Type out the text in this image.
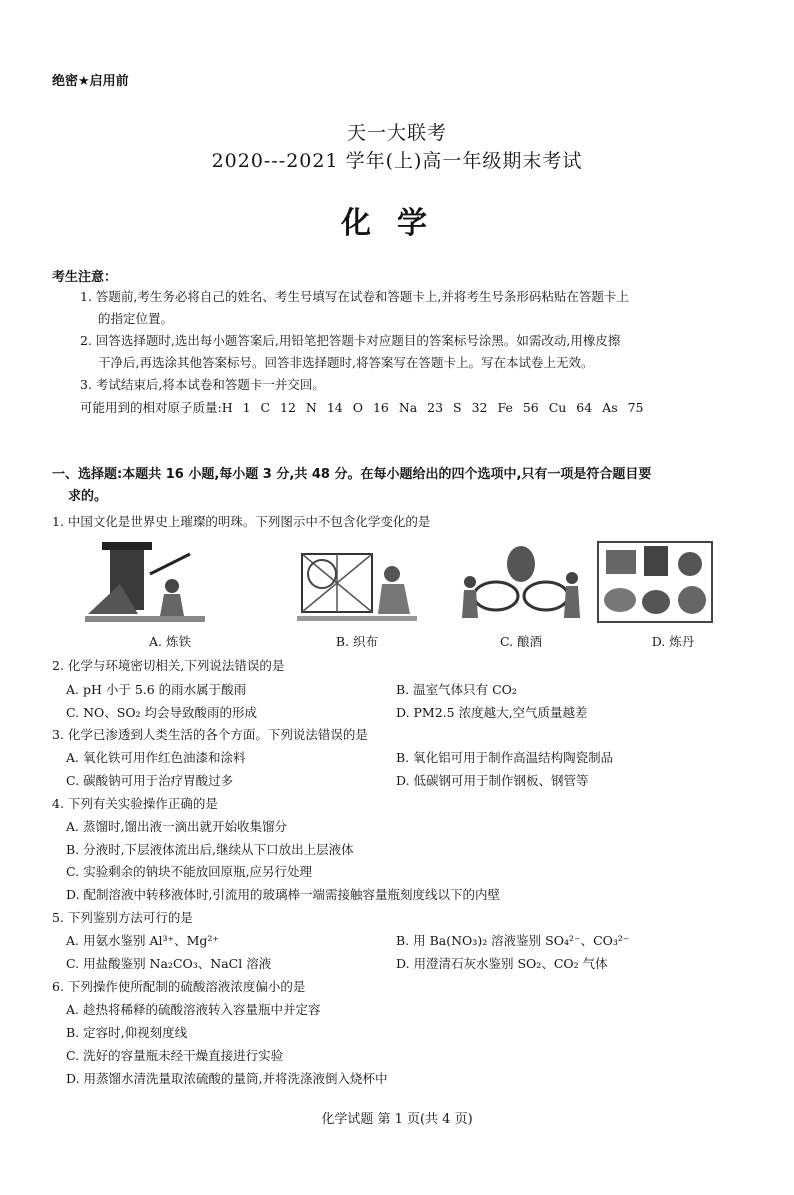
绝密★启用前
天一大联考
2020---2021 学年(上)高一年级期末考试
化学
考生注意：
1. 答题前,考生务必将自己的姓名、考生号填写在试卷和答题卡上,并将考生号条形码粘贴在答题卡上
的指定位置。
2. 回答选择题时,选出每小题答案后,用铅笔把答题卡对应题目的答案标号涂黑。如需改动,用橡皮擦
干净后,再选涂其他答案标号。回答非选择题时,将答案写在答题卡上。写在本试卷上无效。
3. 考试结束后,将本试卷和答题卡一并交回。
可能用到的相对原子质量:H 1 C 12 N 14 O 16 Na 23 S 32 Fe 56 Cu 64 As 75
一、选择题:本题共 16 小题,每小题 3 分,共 48 分。在每小题给出的四个选项中,只有一项是符合题目要
求的。
1. 中国文化是世界史上璀璨的明珠。下列图示中不包含化学变化的是
A. 炼铁	B. 织布	C. 酿酒	D. 炼丹
2. 化学与环境密切相关,下列说法错误的是
A. pH 小于 5.6 的雨水属于酸雨	B. 温室气体只有 CO₂
C. NO、SO₂ 均会导致酸雨的形成	D. PM2.5 浓度越大,空气质量越差
3. 化学已渗透到人类生活的各个方面。下列说法错误的是
A. 氧化铁可用作红色油漆和涂料	B. 氧化铝可用于制作高温结构陶瓷制品
C. 碳酸钠可用于治疗胃酸过多	D. 低碳钢可用于制作钢板、钢管等
4. 下列有关实验操作正确的是
A. 蒸馏时,馏出液一滴出就开始收集馏分
B. 分液时,下层液体流出后,继续从下口放出上层液体
C. 实验剩余的钠块不能放回原瓶,应另行处理
D. 配制溶液中转移液体时,引流用的玻璃棒一端需接触容量瓶刻度线以下的内壁
5. 下列鉴别方法可行的是
A. 用氨水鉴别 Al³⁺、Mg²⁺	B. 用 Ba(NO₃)₂ 溶液鉴别 SO₄²⁻、CO₃²⁻
C. 用盐酸鉴别 Na₂CO₃、NaCl 溶液	D. 用澄清石灰水鉴别 SO₂、CO₂ 气体
6. 下列操作使所配制的硫酸溶液浓度偏小的是
A. 趁热将稀释的硫酸溶液转入容量瓶中并定容
B. 定容时,仰视刻度线
C. 洗好的容量瓶未经干燥直接进行实验
D. 用蒸馏水清洗量取浓硫酸的量筒,并将洗涤液倒入烧杯中
化学试题 第 1 页(共 4 页)
